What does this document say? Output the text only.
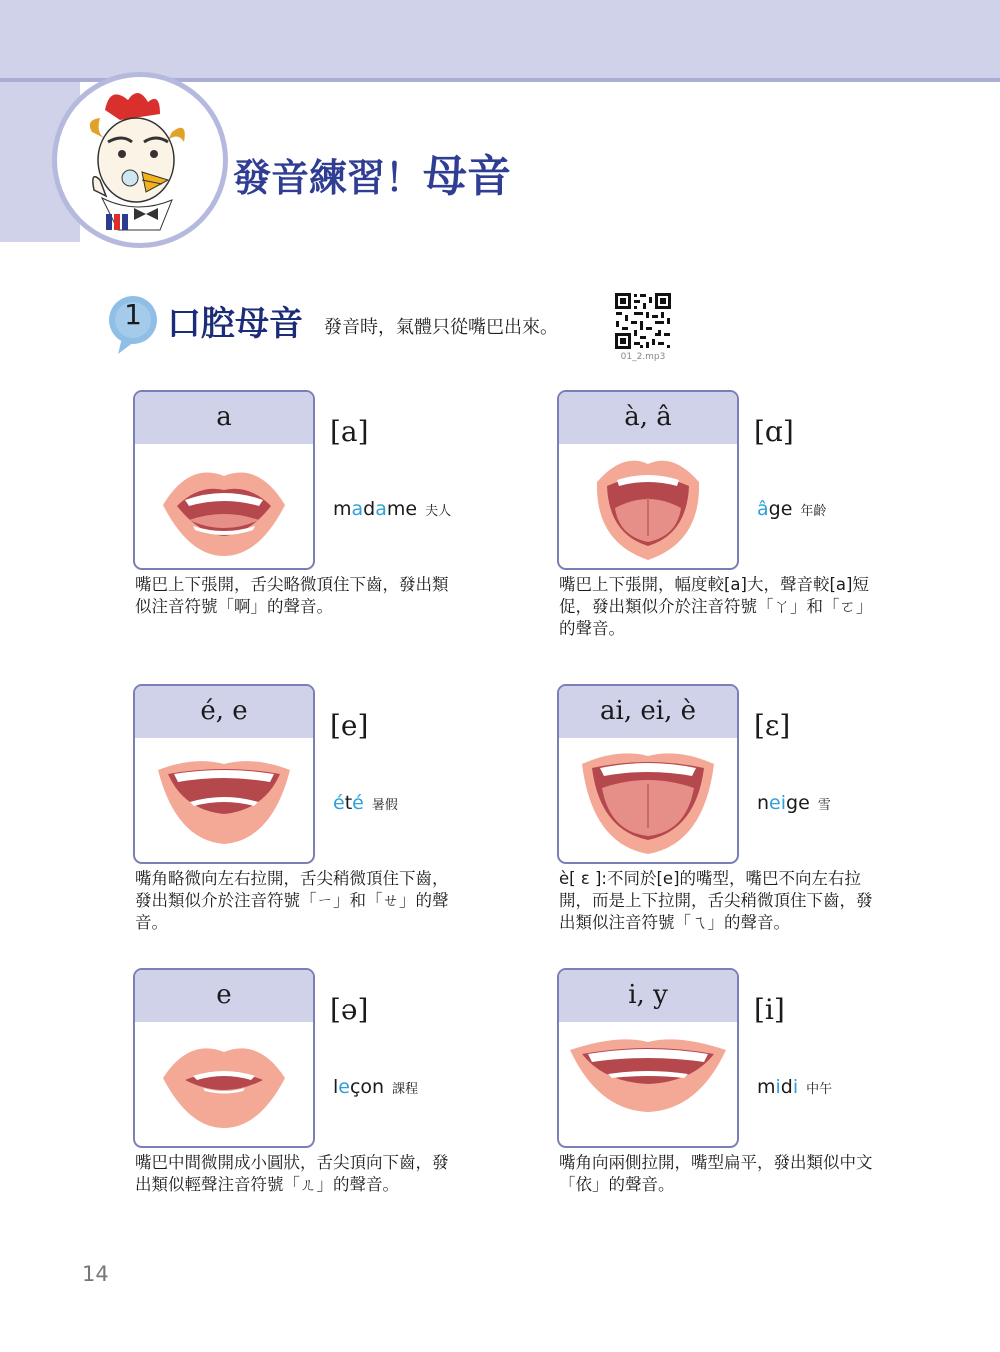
發音練習！母音
1 口腔母音 發音時，氣體只從嘴巴出來。
01_2.mp3
a	[a]
madame 夫人

嘴巴上下張開，舌尖略微頂住下齒，發出類似注音符號「啊」的聲音。

à, â	[ɑ]
âge 年齡

嘴巴上下張開，幅度較[a]大，聲音較[a]短促，發出類似介於注音符號「ㄚ」和「ㄛ」的聲音。

é, e	[e]
été 暑假

嘴角略微向左右拉開，舌尖稍微頂住下齒，發出類似介於注音符號「ㄧ」和「ㄝ」的聲音。

ai, ei, è	[ɛ]
neige 雪

è[ ɛ ]:不同於[e]的嘴型，嘴巴不向左右拉開，而是上下拉開，舌尖稍微頂住下齒，發出類似注音符號「ㄟ」的聲音。

e	[ə]
leçon 課程

嘴巴中間微開成小圓狀，舌尖頂向下齒，發出類似輕聲注音符號「ㄦ」的聲音。

i, y	[i]
midi 中午

嘴角向兩側拉開，嘴型扁平，發出類似中文「依」的聲音。

14
